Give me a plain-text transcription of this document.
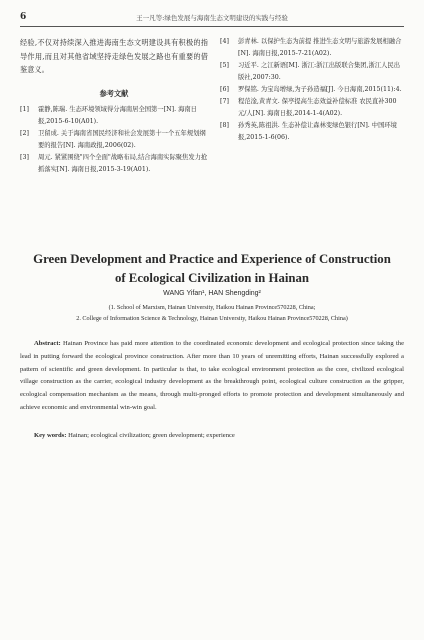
6	王一凡等:绿色发展与海南生态文明建设的实践与经验

经验,不仅对持续深入推进海南生态文明建设具有积极的指导作用,而且对其他省域坚持走绿色发展之路也有重要的借鉴意义。

参考文献
[1] 霍静,陈瑞. 生态环境领域得分海南居全国第一[N]. 海南日报,2015-6-10(A01).
[2] 卫留成. 关于海南省国民经济和社会发展第十一个五年规划纲要的报告[N]. 海南政报,2006(02).
[3] 周元. 紧紧围绕"四个全面"战略布局,结合海南实际聚焦发力抢抓落实[N]. 海南日报,2015-3-19(A01).
[4] 彭青林. 以保护生态为前提 推进生态文明与旅游发展相融合[N]. 海南日报,2015-7-21(A02).
[5] 习近平. 之江新语[M]. 浙江:浙江出版联合集团,浙江人民出版社,2007:30.
[6] 罗保铭. 为宝岛增绿,为子孙造福[J]. 今日海南,2015(11):4.
[7] 程范淦,黄青文. 保亭提高生态效益补偿标准 农民直补300元/人[N]. 海南日报,2014-1-4(A02).
[8] 孙秀英,陈祖洪. 生态补偿让森林变绿色银行[N]. 中国环境报,2015-1-6(06).
Green Development and Practice and Experience of Construction
of Ecological Civilization in Hainan
WANG Yifan¹, HAN Shengding²
(1. School of Marxism, Hainan University, Haikou Hainan Province570228, China;
2. College of Information Science & Technology, Hainan University, Haikou Hainan Province570228, China)
Abstract: Hainan Province has paid more attention to the coordinated economic development and ecological protection since taking the lead in putting forward the ecological province construction. After more than 10 years of unremitting efforts, Hainan successfully explored a pattern of scientific and green development. In particular is that, to take ecological environment protection as the core, civilized ecological village construction as the carrier, ecological industry development as the breakthrough point, ecological culture construction as the gripper, ecological compensation mechanism as the means, through multi-pronged efforts to promote protection and development simultaneously and achieve economic and environmental win-win goal.
Key words: Hainan; ecological civilization; green development; experience
